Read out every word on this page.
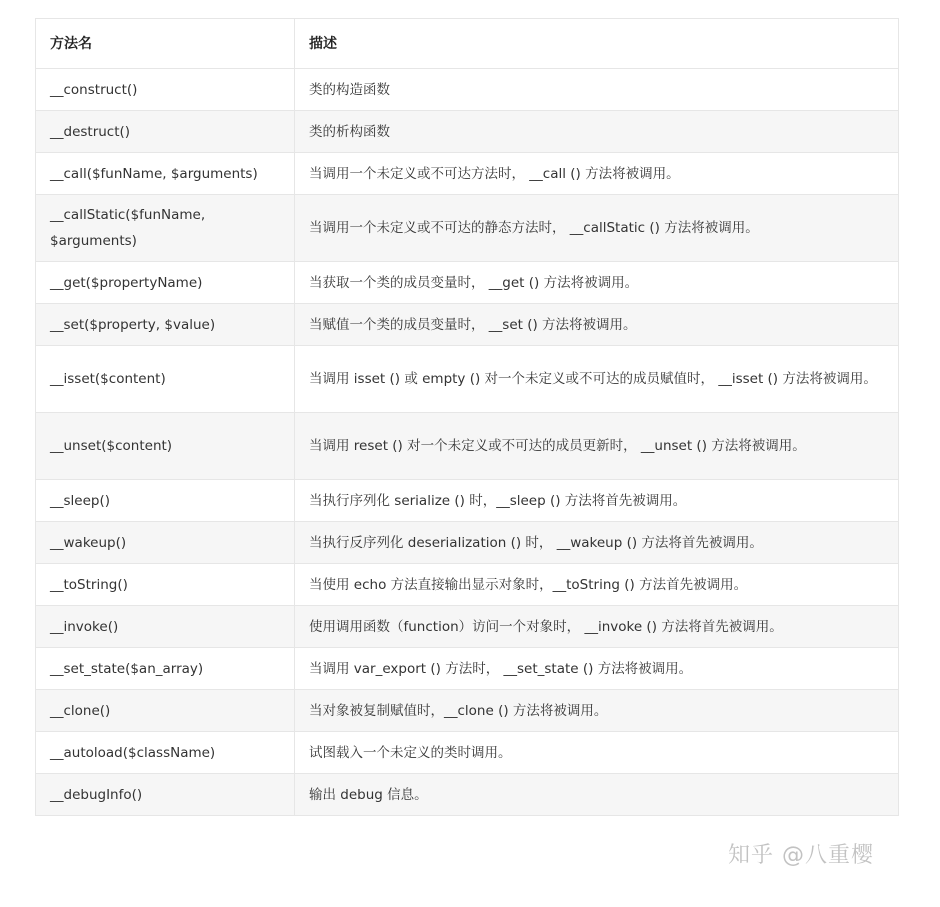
方法名	描述
__construct()	类的构造函数
__destruct()	类的析构函数
__call($funName, $arguments)	当调用一个未定义或不可达方法时， __call () 方法将被调用。
__callStatic($funName, $arguments)	当调用一个未定义或不可达的静态方法时， __callStatic () 方法将被调用。
__get($propertyName)	当获取一个类的成员变量时， __get () 方法将被调用。
__set($property, $value)	当赋值一个类的成员变量时， __set () 方法将被调用。
__isset($content)	当调用 isset () 或 empty () 对一个未定义或不可达的成员赋值时， __isset () 方法将被调用。
__unset($content)	当调用 reset () 对一个未定义或不可达的成员更新时， __unset () 方法将被调用。
__sleep()	当执行序列化 serialize () 时，__sleep () 方法将首先被调用。
__wakeup()	当执行反序列化 deserialization () 时， __wakeup () 方法将首先被调用。
__toString()	当使用 echo 方法直接输出显示对象时，__toString () 方法首先被调用。
__invoke()	使用调用函数（function）访问一个对象时， __invoke () 方法将首先被调用。
__set_state($an_array)	当调用 var_export () 方法时， __set_state () 方法将被调用。
__clone()	当对象被复制赋值时，__clone () 方法将被调用。
__autoload($className)	试图载入一个未定义的类时调用。
__debugInfo()	输出 debug 信息。
知乎 @八重樱
